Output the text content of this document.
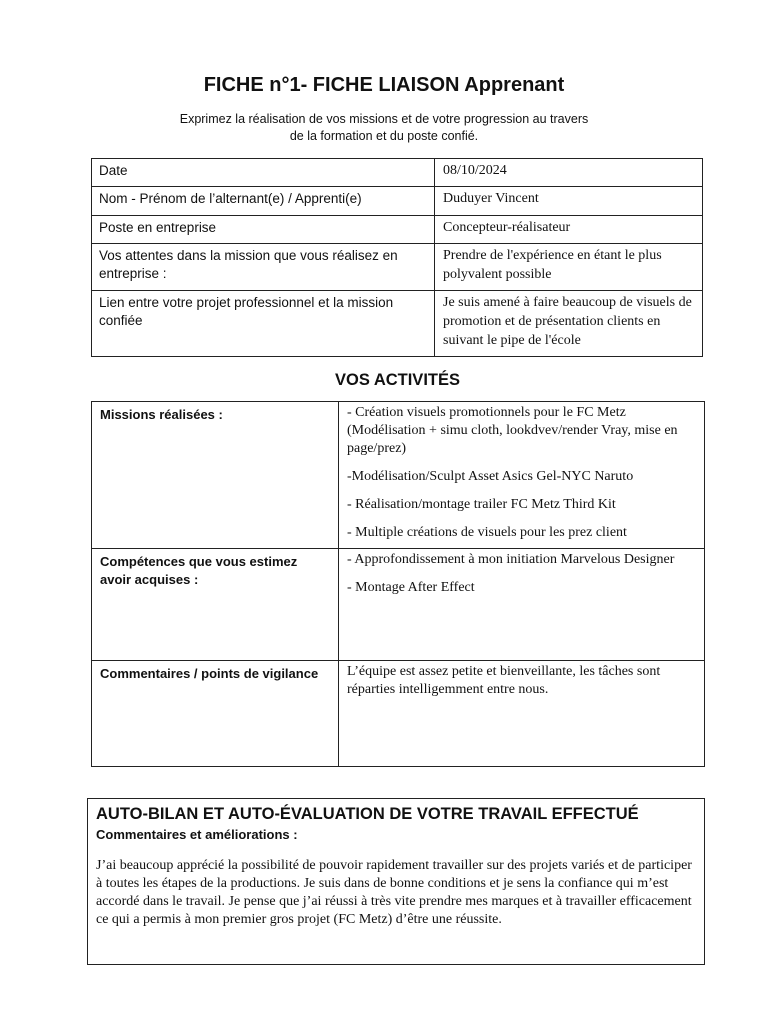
FICHE n°1- FICHE LIAISON Apprenant
Exprimez la réalisation de vos missions et de votre progression au travers
de la formation et du poste confié.
Date	08/10/2024
Nom - Prénom de l’alternant(e) / Apprenti(e)	Duduyer Vincent
Poste en entreprise	Concepteur-réalisateur
Vos attentes dans la mission que vous réalisez en entreprise :	Prendre de l'expérience en étant le plus polyvalent possible
Lien entre votre projet professionnel et la mission confiée	Je suis amené à faire beaucoup de visuels de promotion et de présentation clients en suivant le pipe de l'école
VOS ACTIVITÉS
Missions réalisées :	- Création visuels promotionnels pour le FC Metz (Modélisation + simu cloth, lookdvev/render Vray, mise en page/prez)
-Modélisation/Sculpt Asset Asics Gel-NYC Naruto
- Réalisation/montage trailer FC Metz Third Kit
- Multiple créations de visuels pour les prez client

Compétences que vous estimez avoir acquises :	- Approfondissement à mon initiation Marvelous Designer
- Montage After Effect

Commentaires / points de vigilance	L’équipe est assez petite et bienveillante, les tâches sont réparties intelligemment entre nous.
AUTO-BILAN ET AUTO-ÉVALUATION DE VOTRE TRAVAIL EFFECTUÉ
Commentaires et améliorations :
J’ai beaucoup apprécié la possibilité de pouvoir rapidement travailler sur des projets variés et de participer à toutes les étapes de la productions. Je suis dans de bonne conditions et je sens la confiance qui m’est accordé dans le travail. Je pense que j’ai réussi à très vite prendre mes marques et à travailler efficacement ce qui a permis à mon premier gros projet (FC Metz) d’être une réussite.
